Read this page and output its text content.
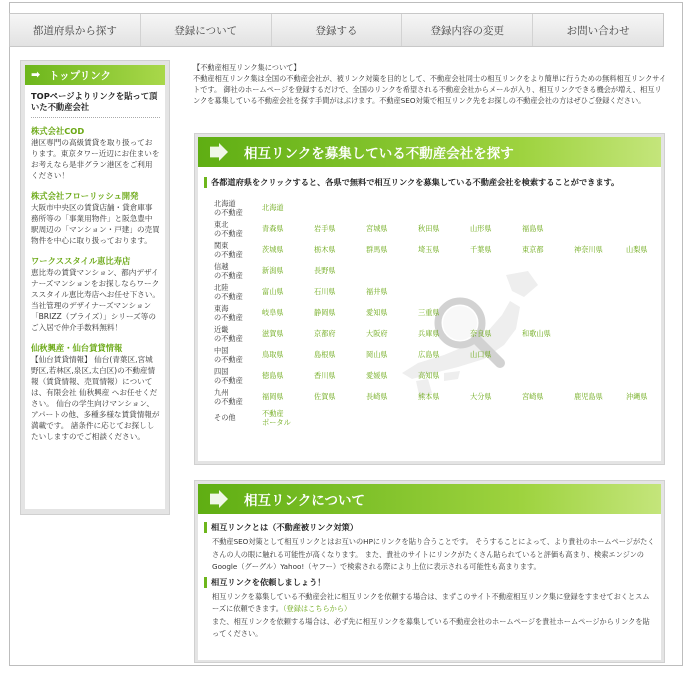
都道府県から探す	登録について	登録する	登録内容の変更	お問い合わせ
➡ トップリンク
TOPページよりリンクを貼って頂いた不動産会社
株式会社COD
港区専門の高級賃貸を取り扱っております。東京タワー近辺にお住まいをお考えなら是非グラン港区をご利用ください！
株式会社フローリッシュ開発
大阪市中央区の賃貸店舗・貸倉庫事務所等の「事業用物件」と阪急豊中駅周辺の「マンション・戸建」の売買物件を中心に取り扱っております。
ワークススタイル恵比寿店
恵比寿の賃貸マンション、都内デザイナーズマンションをお探しならワークススタイル恵比寿店へお任せ下さい。当社管理のデザイナーズマンション「BRIZZ（ブライズ）」シリーズ等のご入居で仲介手数料無料！
仙秋興産・仙台賃貸情報
【仙台賃貸情報】 仙台(青葉区,宮城野区,若林区,泉区,太白区)の不動産情報（賃貸情報、売買情報）については、有限会社 仙秋興産 へお任せください。 仙台の学生向けマンション、アパートの他、多種多様な賃貸情報が満載です。 諸条件に応じてお探ししたいしますのでご相談ください。
【不動産相互リンク集について】
不動産相互リンク集は全国の不動産会社が、被リンク対策を目的として、不動産会社同士の相互リンクをより簡単に行うための無料相互リンクサイトです。 御社のホームページを登録するだけで、全国のリンクを希望される不動産会社からメールが入り、相互リンクできる機会が増え、相互リンクを募集している不動産会社を探す手間がはぶけます。不動産SEO対策で相互リンク先をお探しの不動産会社の方はぜひご登録ください。
相互リンクを募集している不動産会社を探す
各都道府県をクリックすると、各県で無料で相互リンクを募集している不動産会社を検索することができます。
北海道
の不動産	北海道
東北
の不動産	青森県	岩手県	宮城県	秋田県	山形県	福島県
関東
の不動産	茨城県	栃木県	群馬県	埼玉県	千葉県	東京都	神奈川県	山梨県
信越
の不動産	新潟県	長野県
北陸
の不動産	富山県	石川県	福井県
東海
の不動産	岐阜県	静岡県	愛知県	三重県
近畿
の不動産	滋賀県	京都府	大阪府	兵庫県	奈良県	和歌山県
中国
の不動産	鳥取県	島根県	岡山県	広島県	山口県
四国
の不動産	徳島県	香川県	愛媛県	高知県
九州
の不動産	福岡県	佐賀県	長崎県	熊本県	大分県	宮崎県	鹿児島県	沖縄県
その他	不動産
ポータル
相互リンクについて
相互リンクとは（不動産被リンク対策）
不動産SEO対策として相互リンクとはお互いのHPにリンクを貼り合うことです。 そうすることによって、より貴社のホームページがたくさんの人の眼に触れる可能性が高くなります。 また、貴社のサイトにリンクがたくさん貼られていると評価も高まり、検索エンジンのGoogle（グーグル）Yahoo!（ヤフー）で検索される際により上位に表示される可能性も高まります。
相互リンクを依頼しましょう！
相互リンクを募集している不動産会社に相互リンクを依頼する場合は、まずこのサイト不動産相互リンク集に登録をすませておくとスムーズに依頼できます。（登録はこちらから）
また、相互リンクを依頼する場合は、必ず先に相互リンクを募集している不動産会社のホームページを貴社ホームページからリンクを貼ってください。
